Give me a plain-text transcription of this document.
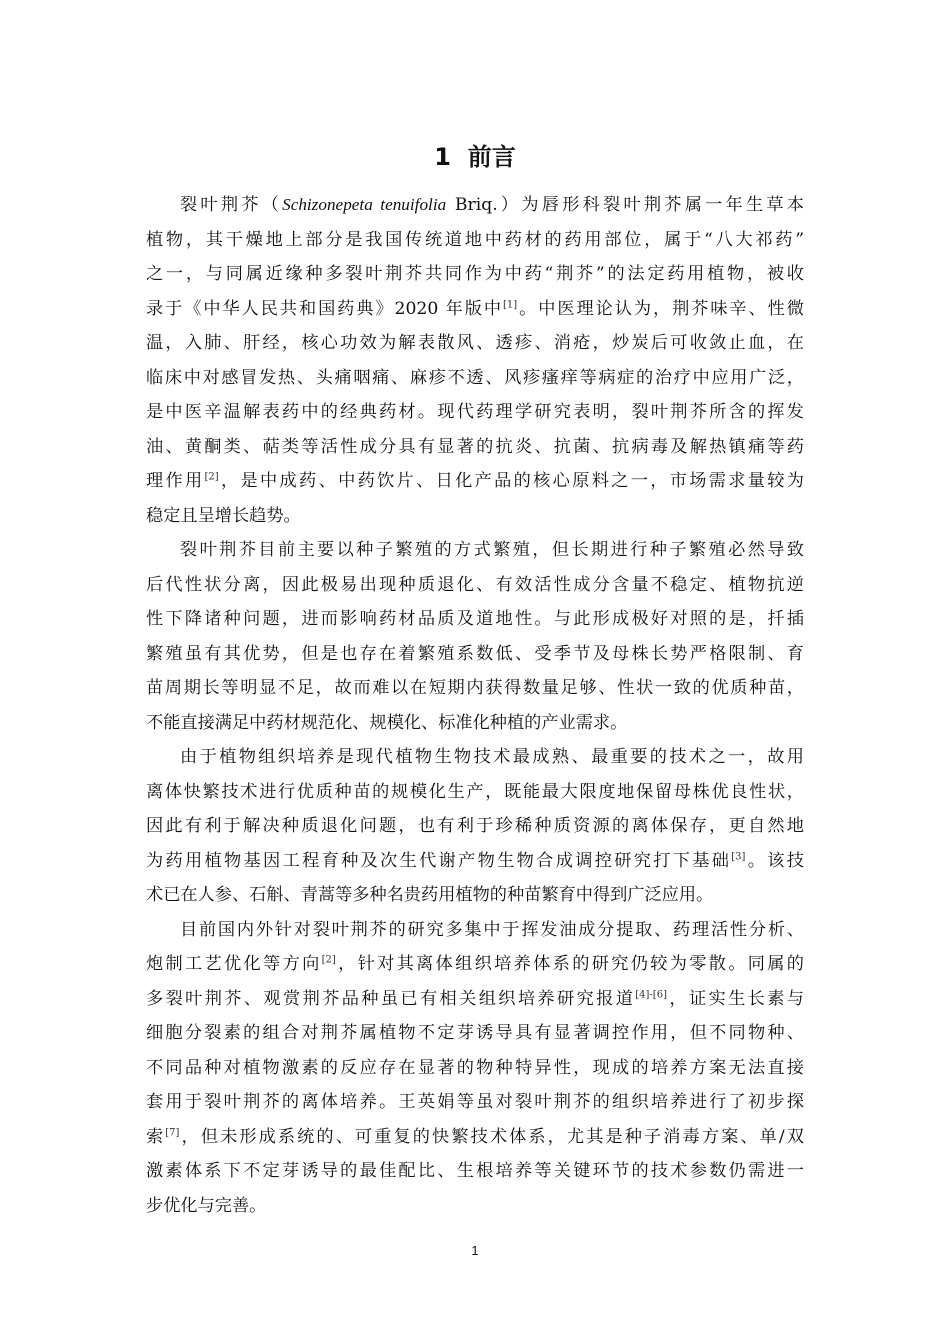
1  前言
裂叶荆芥（Schizonepeta tenuifolia Briq.）为唇形科裂叶荆芥属一年生草本
植物，其干燥地上部分是我国传统道地中药材的药用部位，属于“八大祁药”
之一，与同属近缘种多裂叶荆芥共同作为中药“荆芥”的法定药用植物，被收
录于《中华人民共和国药典》2020 年版中[1]。中医理论认为，荆芥味辛、性微
温，入肺、肝经，核心功效为解表散风、透疹、消疮，炒炭后可收敛止血，在
临床中对感冒发热、头痛咽痛、麻疹不透、风疹瘙痒等病症的治疗中应用广泛，
是中医辛温解表药中的经典药材。现代药理学研究表明，裂叶荆芥所含的挥发
油、黄酮类、萜类等活性成分具有显著的抗炎、抗菌、抗病毒及解热镇痛等药
理作用[2]，是中成药、中药饮片、日化产品的核心原料之一，市场需求量较为
稳定且呈增长趋势。
裂叶荆芥目前主要以种子繁殖的方式繁殖，但长期进行种子繁殖必然导致
后代性状分离，因此极易出现种质退化、有效活性成分含量不稳定、植物抗逆
性下降诸种问题，进而影响药材品质及道地性。与此形成极好对照的是，扦插
繁殖虽有其优势，但是也存在着繁殖系数低、受季节及母株长势严格限制、育
苗周期长等明显不足，故而难以在短期内获得数量足够、性状一致的优质种苗，
不能直接满足中药材规范化、规模化、标准化种植的产业需求。
由于植物组织培养是现代植物生物技术最成熟、最重要的技术之一，故用
离体快繁技术进行优质种苗的规模化生产，既能最大限度地保留母株优良性状，
因此有利于解决种质退化问题，也有利于珍稀种质资源的离体保存，更自然地
为药用植物基因工程育种及次生代谢产物生物合成调控研究打下基础[3]。该技
术已在人参、石斛、青蒿等多种名贵药用植物的种苗繁育中得到广泛应用。
目前国内外针对裂叶荆芥的研究多集中于挥发油成分提取、药理活性分析、
炮制工艺优化等方向[2]，针对其离体组织培养体系的研究仍较为零散。同属的
多裂叶荆芥、观赏荆芥品种虽已有相关组织培养研究报道[4]-[6]，证实生长素与
细胞分裂素的组合对荆芥属植物不定芽诱导具有显著调控作用，但不同物种、
不同品种对植物激素的反应存在显著的物种特异性，现成的培养方案无法直接
套用于裂叶荆芥的离体培养。王英娟等虽对裂叶荆芥的组织培养进行了初步探
索[7]，但未形成系统的、可重复的快繁技术体系，尤其是种子消毒方案、单/双
激素体系下不定芽诱导的最佳配比、生根培养等关键环节的技术参数仍需进一
步优化与完善。
1
